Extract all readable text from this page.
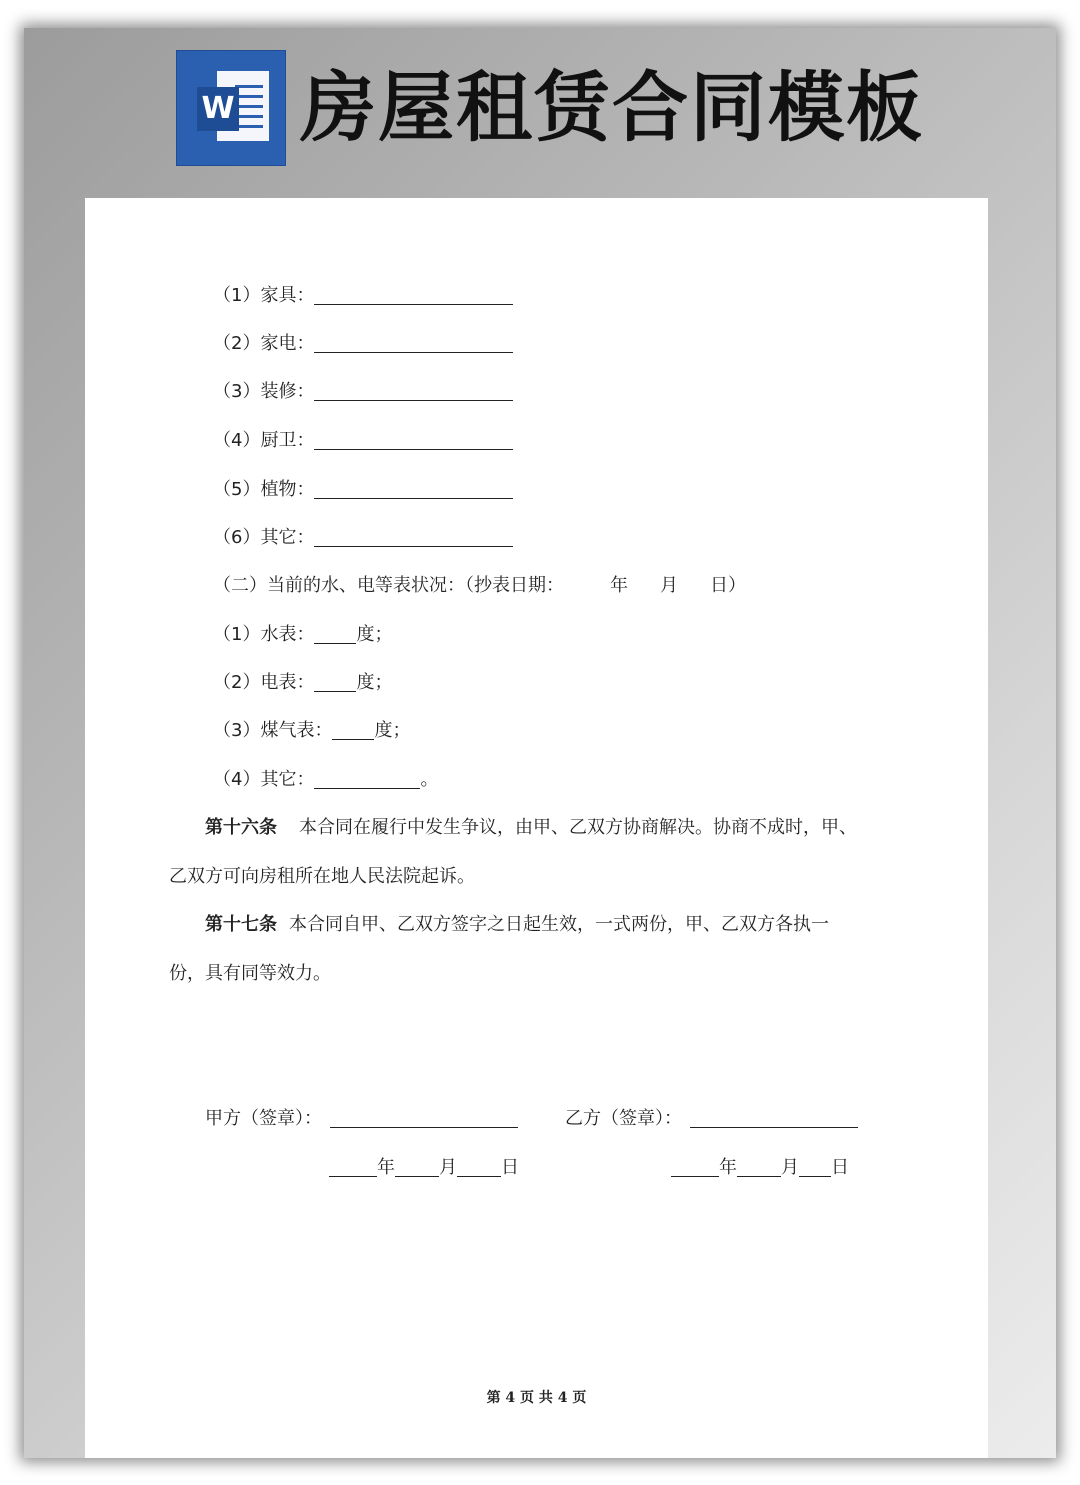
W 房屋租赁合同模板
（1）家具：
（2）家电：
（3）装修：
（4）厨卫：
（5）植物：
（6）其它：
（二）当前的水、电等表状况：（抄表日期：	年 月 日）
（1）水表： 度；
（2）电表： 度；
（3）煤气表： 度；
（4）其它：	。
第十六条 本合同在履行中发生争议，由甲、乙双方协商解决。协商不成时，甲、
乙双方可向房租所在地人民法院起诉。
第十七条 本合同自甲、乙双方签字之日起生效，一式两份，甲、乙双方各执一
份，具有同等效力。
甲方（签章）：	乙方（签章）：
年 月 日	年 月 日
第 4 页 共 4 页
